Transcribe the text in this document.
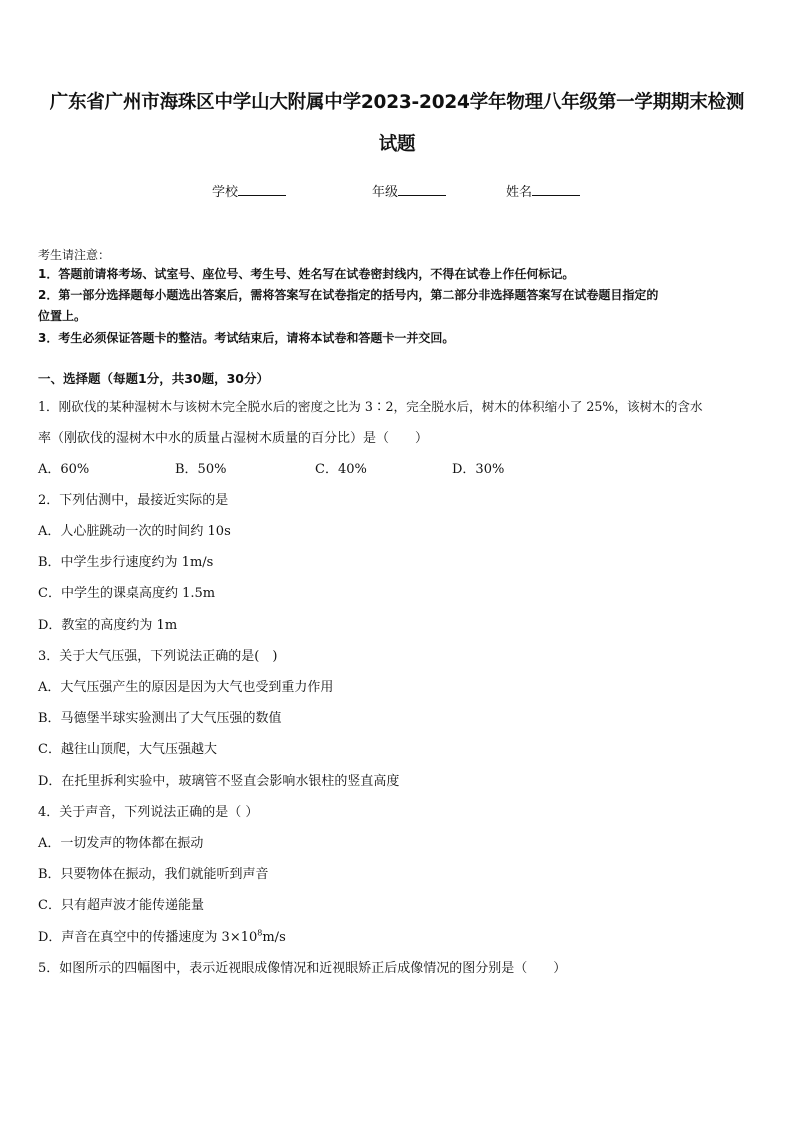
广东省广州市海珠区中学山大附属中学2023-2024学年物理八年级第一学期期末检测
试题
学校	年级	姓名
考生请注意：
1．答题前请将考场、试室号、座位号、考生号、姓名写在试卷密封线内，不得在试卷上作任何标记。
2．第一部分选择题每小题选出答案后，需将答案写在试卷指定的括号内，第二部分非选择题答案写在试卷题目指定的
位置上。
3．考生必须保证答题卡的整洁。考试结束后，请将本试卷和答题卡一并交回。
一、选择题（每题1分，共30题，30分）
1．刚砍伐的某种湿树木与该树木完全脱水后的密度之比为 3∶2，完全脱水后，树木的体积缩小了 25%，该树木的含水
率（刚砍伐的湿树木中水的质量占湿树木质量的百分比）是（　　）
A．60%	B．50%	C．40%	D．30%
2．下列估测中，最接近实际的是
A．人心脏跳动一次的时间约 10s
B．中学生步行速度约为 1m/s
C．中学生的课桌高度约 1.5m
D．教室的高度约为 1m
3．关于大气压强，下列说法正确的是(　)
A．大气压强产生的原因是因为大气也受到重力作用
B．马德堡半球实验测出了大气压强的数值
C．越往山顶爬，大气压强越大
D．在托里拆利实验中，玻璃管不竖直会影响水银柱的竖直高度
4．关于声音，下列说法正确的是（ ）
A．一切发声的物体都在振动
B．只要物体在振动，我们就能听到声音
C．只有超声波才能传递能量
D．声音在真空中的传播速度为 $3\times 10^8m/s$
5．如图所示的四幅图中，表示近视眼成像情况和近视眼矫正后成像情况的图分别是（　　）
